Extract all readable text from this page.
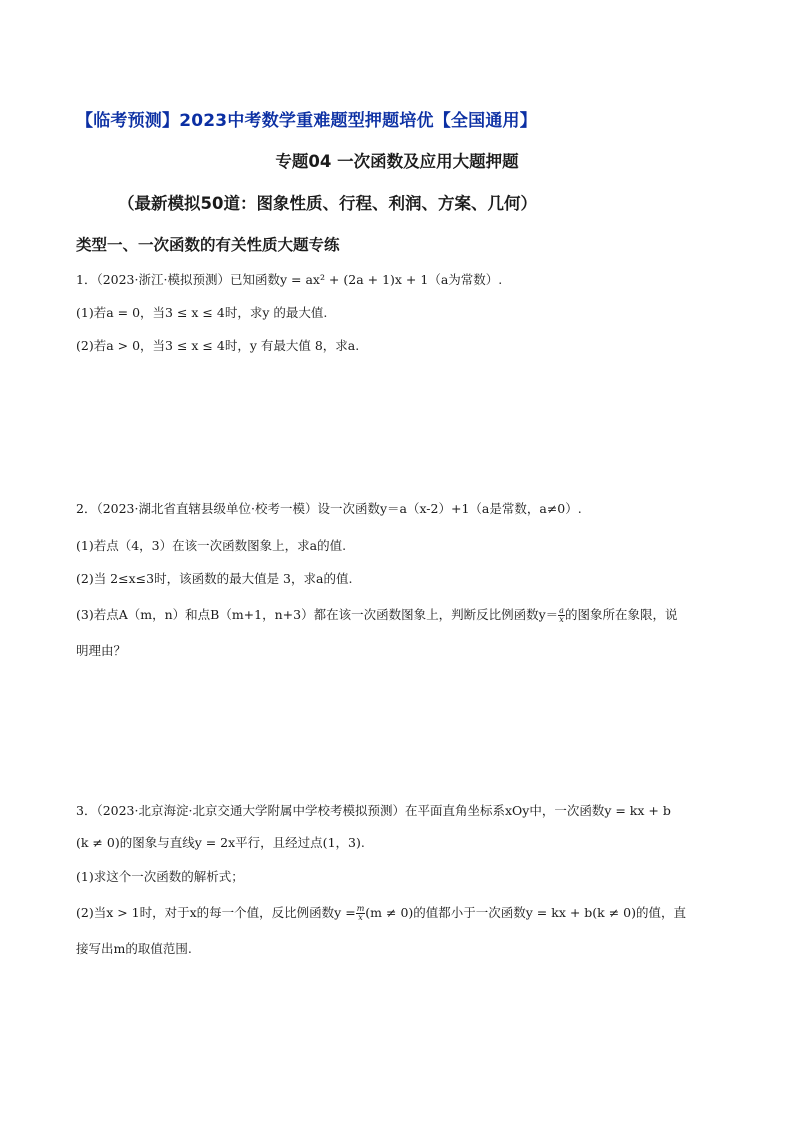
【临考预测】2023中考数学重难题型押题培优【全国通用】
专题04 一次函数及应用大题押题
（最新模拟50道：图象性质、行程、利润、方案、几何）
类型一、一次函数的有关性质大题专练
1．（2023·浙江·模拟预测）已知函数y = ax² + (2a + 1)x + 1（a为常数）.
(1)若a = 0，当3 ≤ x ≤ 4时，求y 的最大值.
(2)若a > 0，当3 ≤ x ≤ 4时，y 有最大值 8，求a.
2．（2023·湖北省直辖县级单位·校考一模）设一次函数y＝a（x-2）+1（a是常数，a≠0）.
(1)若点（4，3）在该一次函数图象上，求a的值.
(2)当 2≤x≤3时，该函数的最大值是 3，求a的值.
(3)若点A（m，n）和点B（m+1，n+3）都在该一次函数图象上，判断反比例函数$y= \frac{a}{x}$ 的图象所在象限，说
明理由？
3．（2023·北京海淀·北京交通大学附属中学校考模拟预测）在平面直角坐标系xOy中，一次函数y = kx + b
(k ≠ 0)的图象与直线y = 2x平行，且经过点(1，3).
(1)求这个一次函数的解析式；
(2)当x > 1时，对于x的每一个值，反比例函数$y = \frac{m}{x} (m \ne 0)$的值都小于一次函数y = kx + b(k ≠ 0)的值，直
接写出m的取值范围.
